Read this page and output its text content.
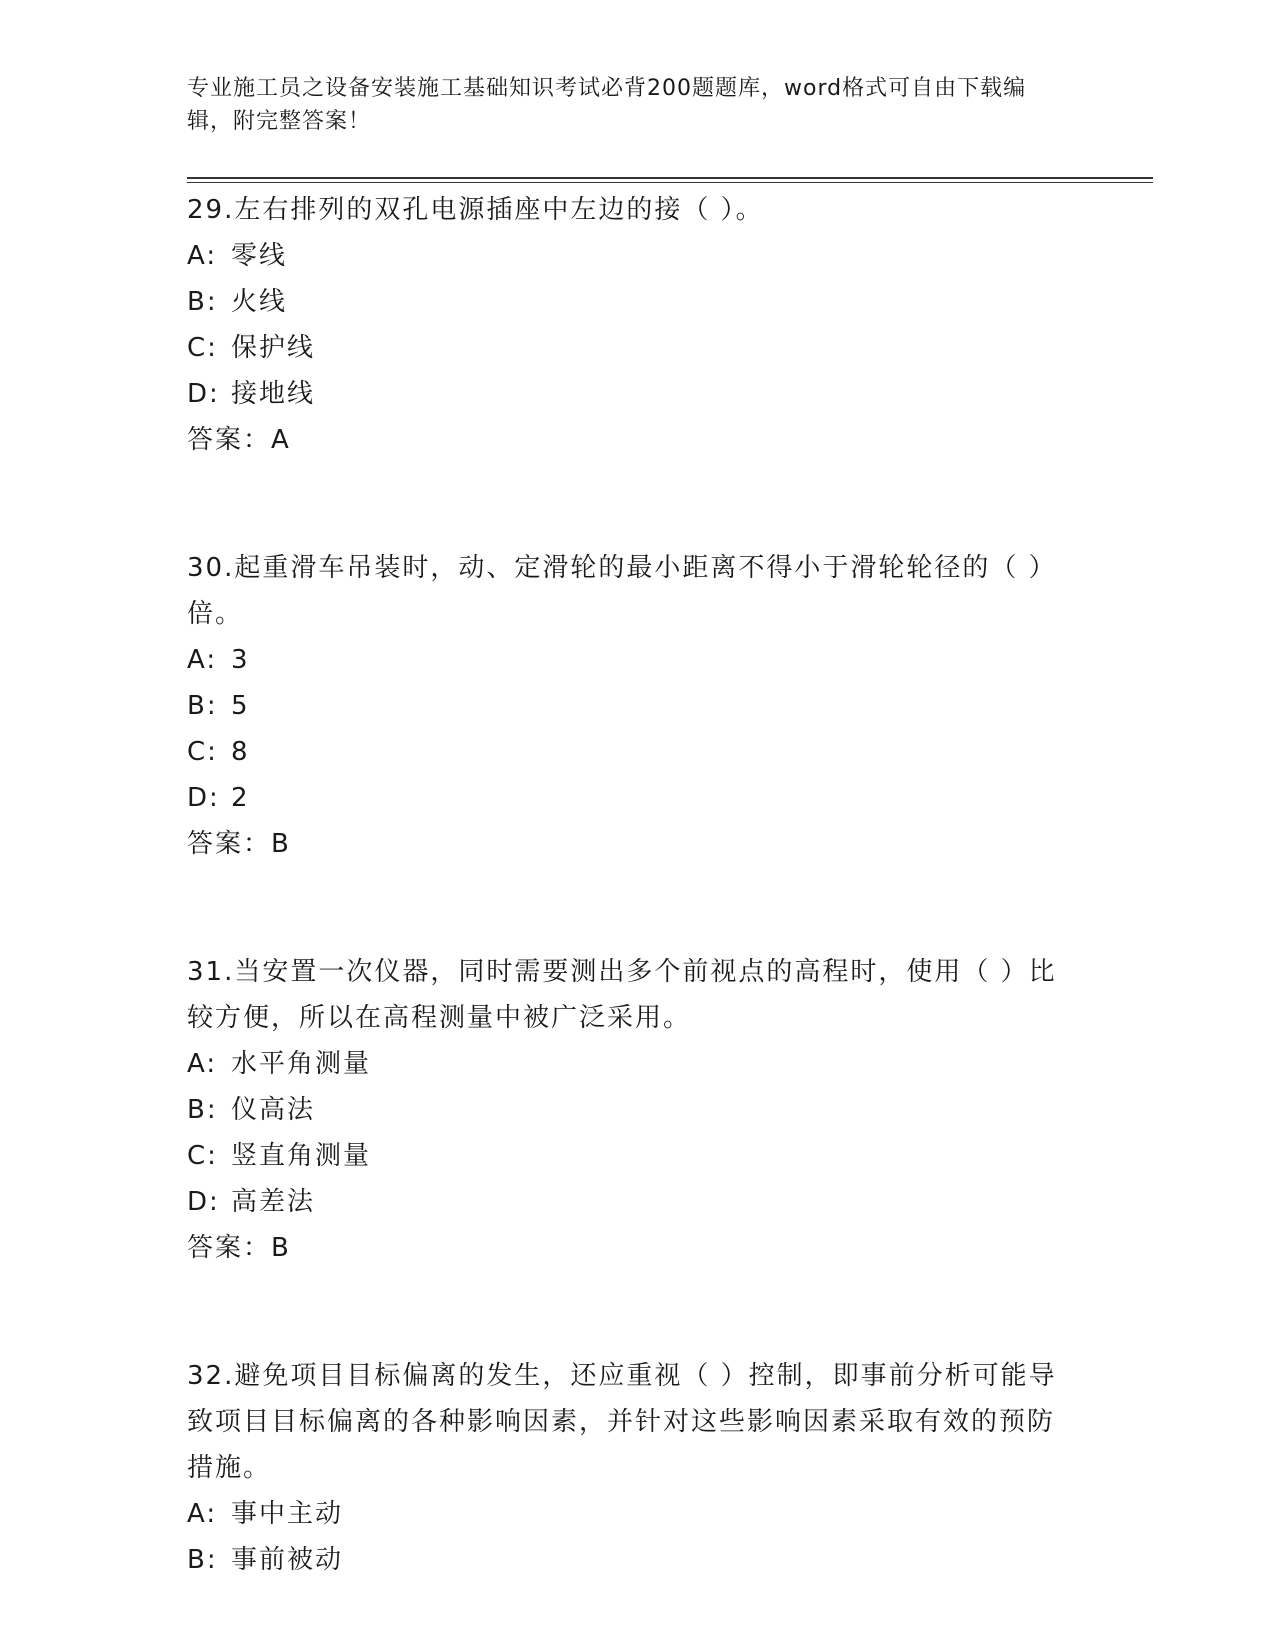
专业施工员之设备安装施工基础知识考试必背200题题库，word格式可自由下载编辑，附完整答案！

29.左右排列的双孔电源插座中左边的接（ ）。

A: 零线

B: 火线

C: 保护线

D: 接地线

答案：A

30.起重滑车吊装时，动、定滑轮的最小距离不得小于滑轮轮径的（ ）倍。

A: 3

B: 5

C: 8

D: 2

答案：B

31.当安置一次仪器，同时需要测出多个前视点的高程时，使用（ ）比较方便，所以在高程测量中被广泛采用。

A: 水平角测量

B: 仪高法

C: 竖直角测量

D: 高差法

答案：B

32.避免项目目标偏离的发生，还应重视（ ）控制，即事前分析可能导致项目目标偏离的各种影响因素，并针对这些影响因素采取有效的预防措施。

A: 事中主动

B: 事前被动
